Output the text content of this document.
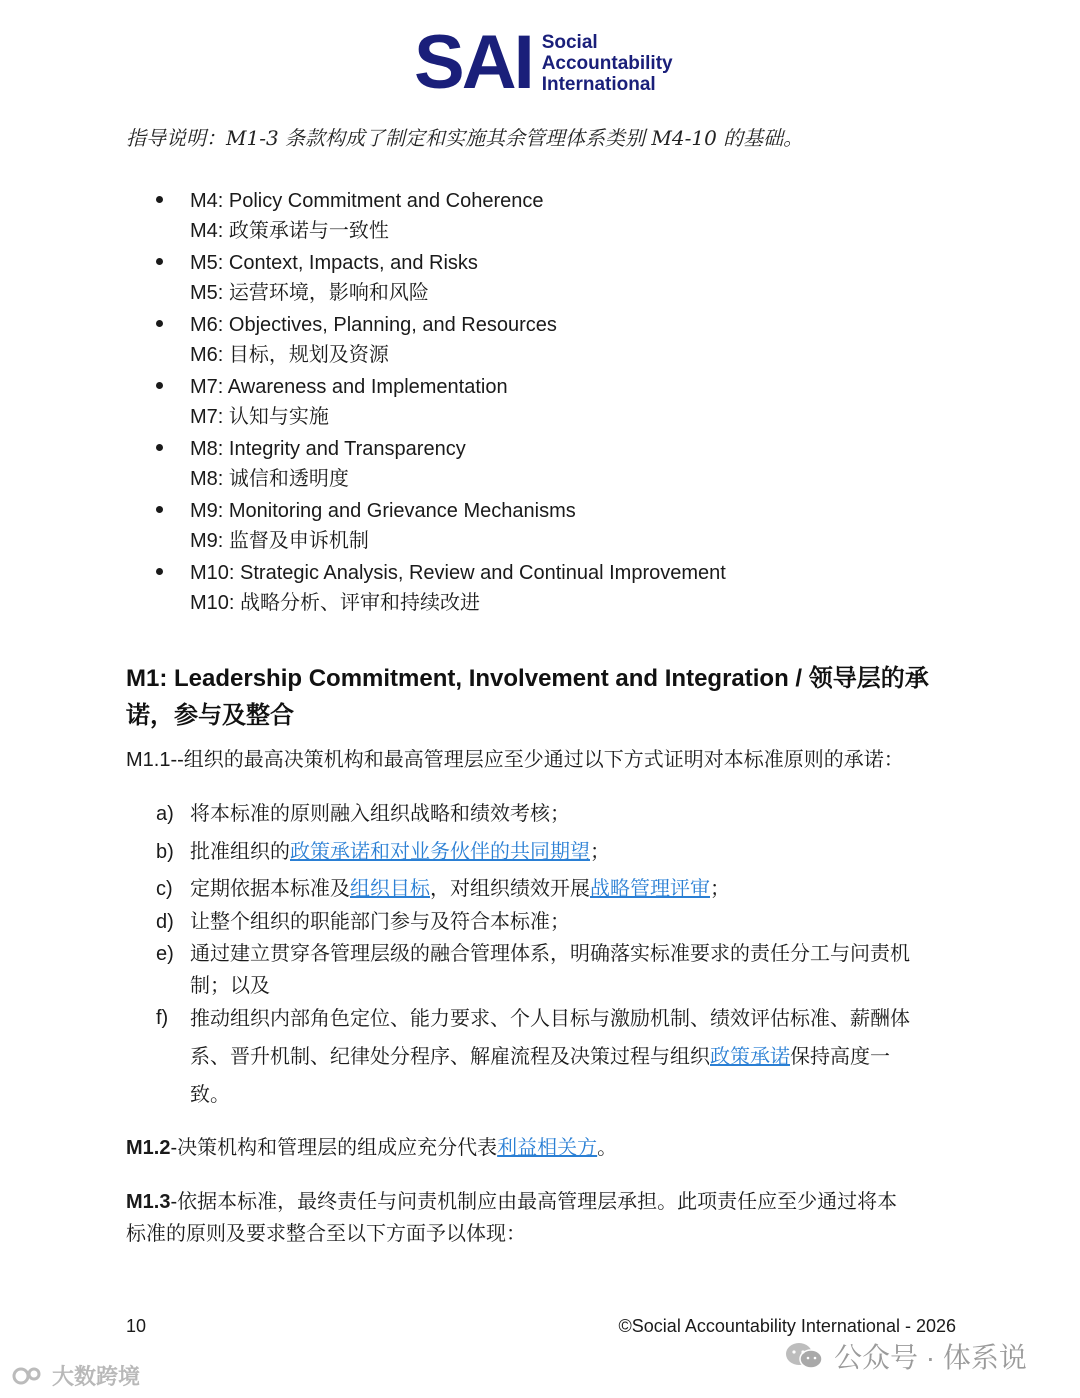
SAI Social
Accountability
International
指导说明：M1-3 条款构成了制定和实施其余管理体系类别 M4-10 的基础。
M4: Policy Commitment and Coherence
M4: 政策承诺与一致性
M5: Context, Impacts, and Risks
M5: 运营环境，影响和风险
M6: Objectives, Planning, and Resources
M6: 目标，规划及资源
M7: Awareness and Implementation
M7: 认知与实施
M8: Integrity and Transparency
M8: 诚信和透明度
M9: Monitoring and Grievance Mechanisms
M9: 监督及申诉机制
M10: Strategic Analysis, Review and Continual Improvement
M10: 战略分析、评审和持续改进
M1: Leadership Commitment, Involvement and Integration / 领导层的承诺，参与及整合
M1.1--组织的最高决策机构和最高管理层应至少通过以下方式证明对本标准原则的承诺：
a) 将本标准的原则融入组织战略和绩效考核；
b) 批准组织的政策承诺和对业务伙伴的共同期望；
c) 定期依据本标准及组织目标，对组织绩效开展战略管理评审；
d) 让整个组织的职能部门参与及符合本标准；
e) 通过建立贯穿各管理层级的融合管理体系，明确落实标准要求的责任分工与问责机
制；以及
f)	推动组织内部角色定位、能力要求、个人目标与激励机制、绩效评估标准、薪酬体
系、晋升机制、纪律处分程序、解雇流程及决策过程与组织政策承诺保持高度一
致。
M1.2-决策机构和管理层的组成应充分代表利益相关方。
M1.3-依据本标准，最终责任与问责机制应由最高管理层承担。此项责任应至少通过将本
标准的原则及要求整合至以下方面予以体现：
10	©Social Accountability International - 2026
大数跨境
公众号 · 体系说
